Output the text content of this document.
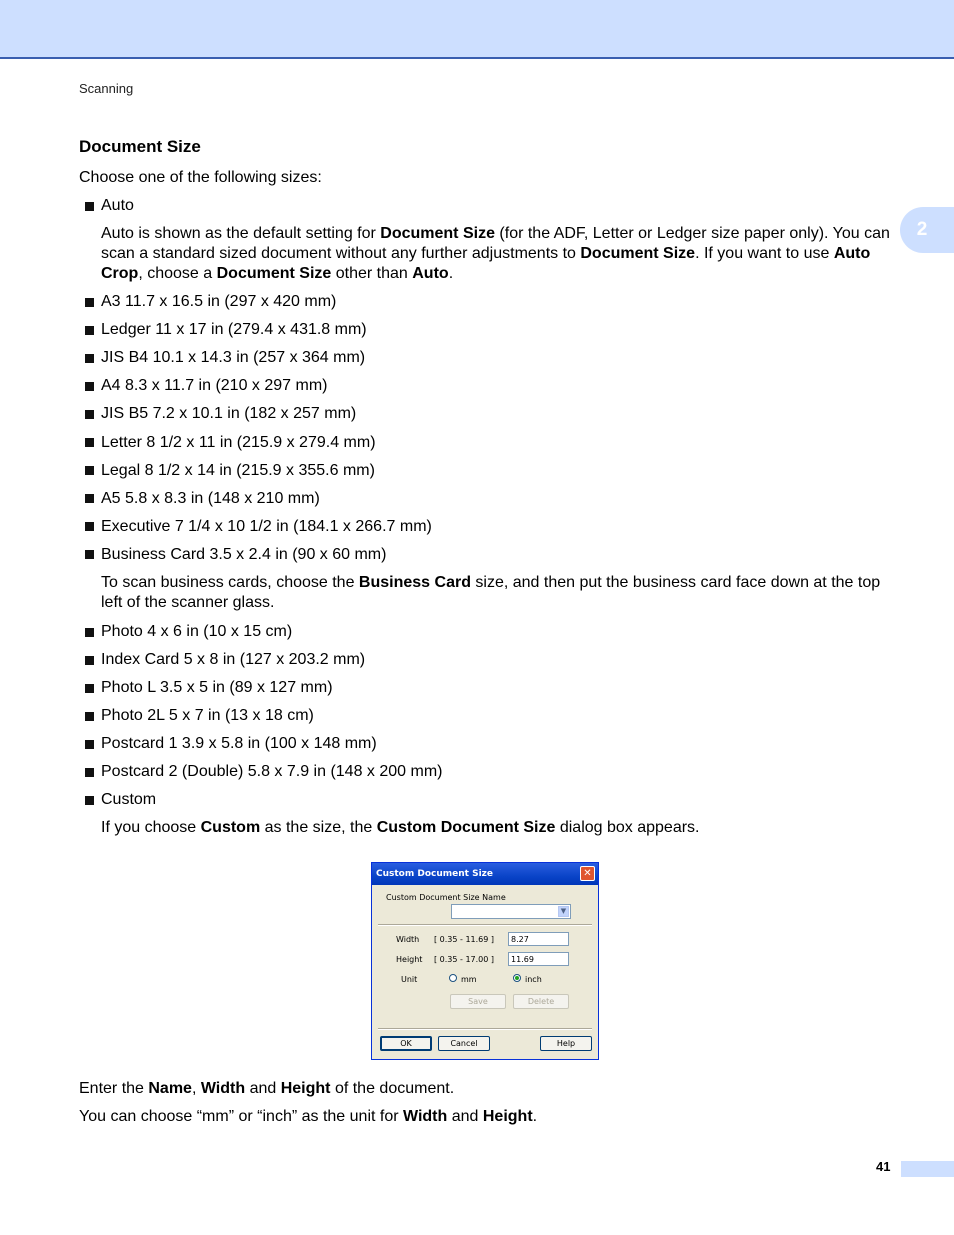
Scanning
2
Document Size
Choose one of the following sizes:
Auto
Auto is shown as the default setting for Document Size (for the ADF, Letter or Ledger size paper only). You can scan a standard sized document without any further adjustments to Document Size. If you want to use Auto Crop, choose a Document Size other than Auto.
A3 11.7 x 16.5 in (297 x 420 mm)
Ledger 11 x 17 in (279.4 x 431.8 mm)
JIS B4 10.1 x 14.3 in (257 x 364 mm)
A4 8.3 x 11.7 in (210 x 297 mm)
JIS B5 7.2 x 10.1 in (182 x 257 mm)
Letter 8 1/2 x 11 in (215.9 x 279.4 mm)
Legal 8 1/2 x 14 in (215.9 x 355.6 mm)
A5 5.8 x 8.3 in (148 x 210 mm)
Executive 7 1/4 x 10 1/2 in (184.1 x 266.7 mm)
Business Card 3.5 x 2.4 in (90 x 60 mm)
To scan business cards, choose the Business Card size, and then put the business card face down at the top left of the scanner glass.
Photo 4 x 6 in (10 x 15 cm)
Index Card 5 x 8 in (127 x 203.2 mm)
Photo L 3.5 x 5 in (89 x 127 mm)
Photo 2L 5 x 7 in (13 x 18 cm)
Postcard 1 3.9 x 5.8 in (100 x 148 mm)
Postcard 2 (Double) 5.8 x 7.9 in (148 x 200 mm)
Custom
If you choose Custom as the size, the Custom Document Size dialog box appears.
Custom Document Size	✕
Custom Document Size Name
▼
Width [ 0.35 - 11.69 ]	8.27
Height [ 0.35 - 17.00 ]	11.69
Unit	mm	inch
Save	Delete
OK	Cancel	Help
Enter the Name, Width and Height of the document.
You can choose “mm” or “inch” as the unit for Width and Height.
41
